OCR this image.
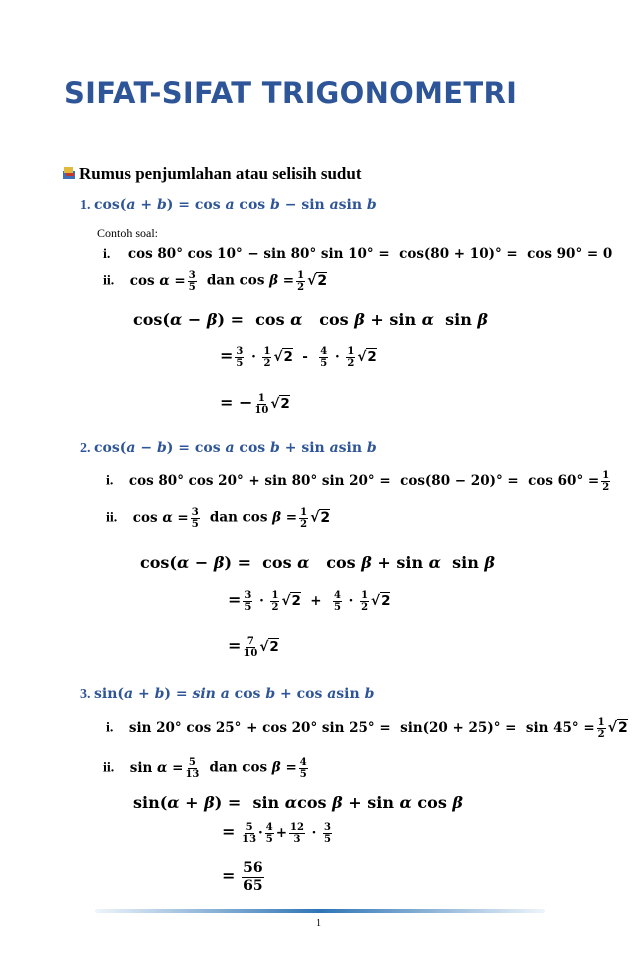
SIFAT-SIFAT TRIGONOMETRI
Rumus penjumlahan atau selisih sudut
1. cos(a + b) = cos a cos b − sin asin b
Contoh soal:
i. cos 80° cos 10° − sin 80° sin 10° =  cos(80 + 10)° =  cos 90° = 0
ii. $\cos \alpha = \frac{3}{5}$ dan $\cos \beta = \frac{1}{2} √2$
cos(α − β) =  cos α   cos β + sin α  sin β
= $\frac{3}{5} \cdot \frac{1}{2} √2 - \frac{4}{5} \cdot \frac{1}{2} √2$
= − $\frac{1}{10} √2$
2. cos(a − b) = cos a cos b + sin asin b
i. cos 80° cos 20° + sin 80° $\sin 20^\circ = \cos(80 - 20)^\circ = \cos 60^\circ = \frac{1}{2}$
ii. $\cos \alpha = \frac{3}{5}$ dan $\cos \beta = \frac{1}{2} √2$
cos(α − β) =  cos α   cos β + sin α  sin β
= $\frac{3}{5} \cdot \frac{1}{2} √2 + \frac{4}{5} \cdot \frac{1}{2} √2$
= $\frac{7}{10} √2$
3. sin(a + b) = sin a cos b + cos asin b
i. sin 20° cos 25° + cos 20° $\sin 25^\circ = \sin(20 + 25)^\circ = \sin 45^\circ = \frac{1}{2} √2$
ii. $\sin \alpha = \frac{5}{13}$ dan $\cos \beta = \frac{4}{5}$
sin(α + β) =  sin αcos β + sin α cos β
= $\frac{5}{13} \cdot \frac{4}{5} + \frac{12}{3} \cdot \frac{3}{5}$
= $\frac{56}{65}$
1
